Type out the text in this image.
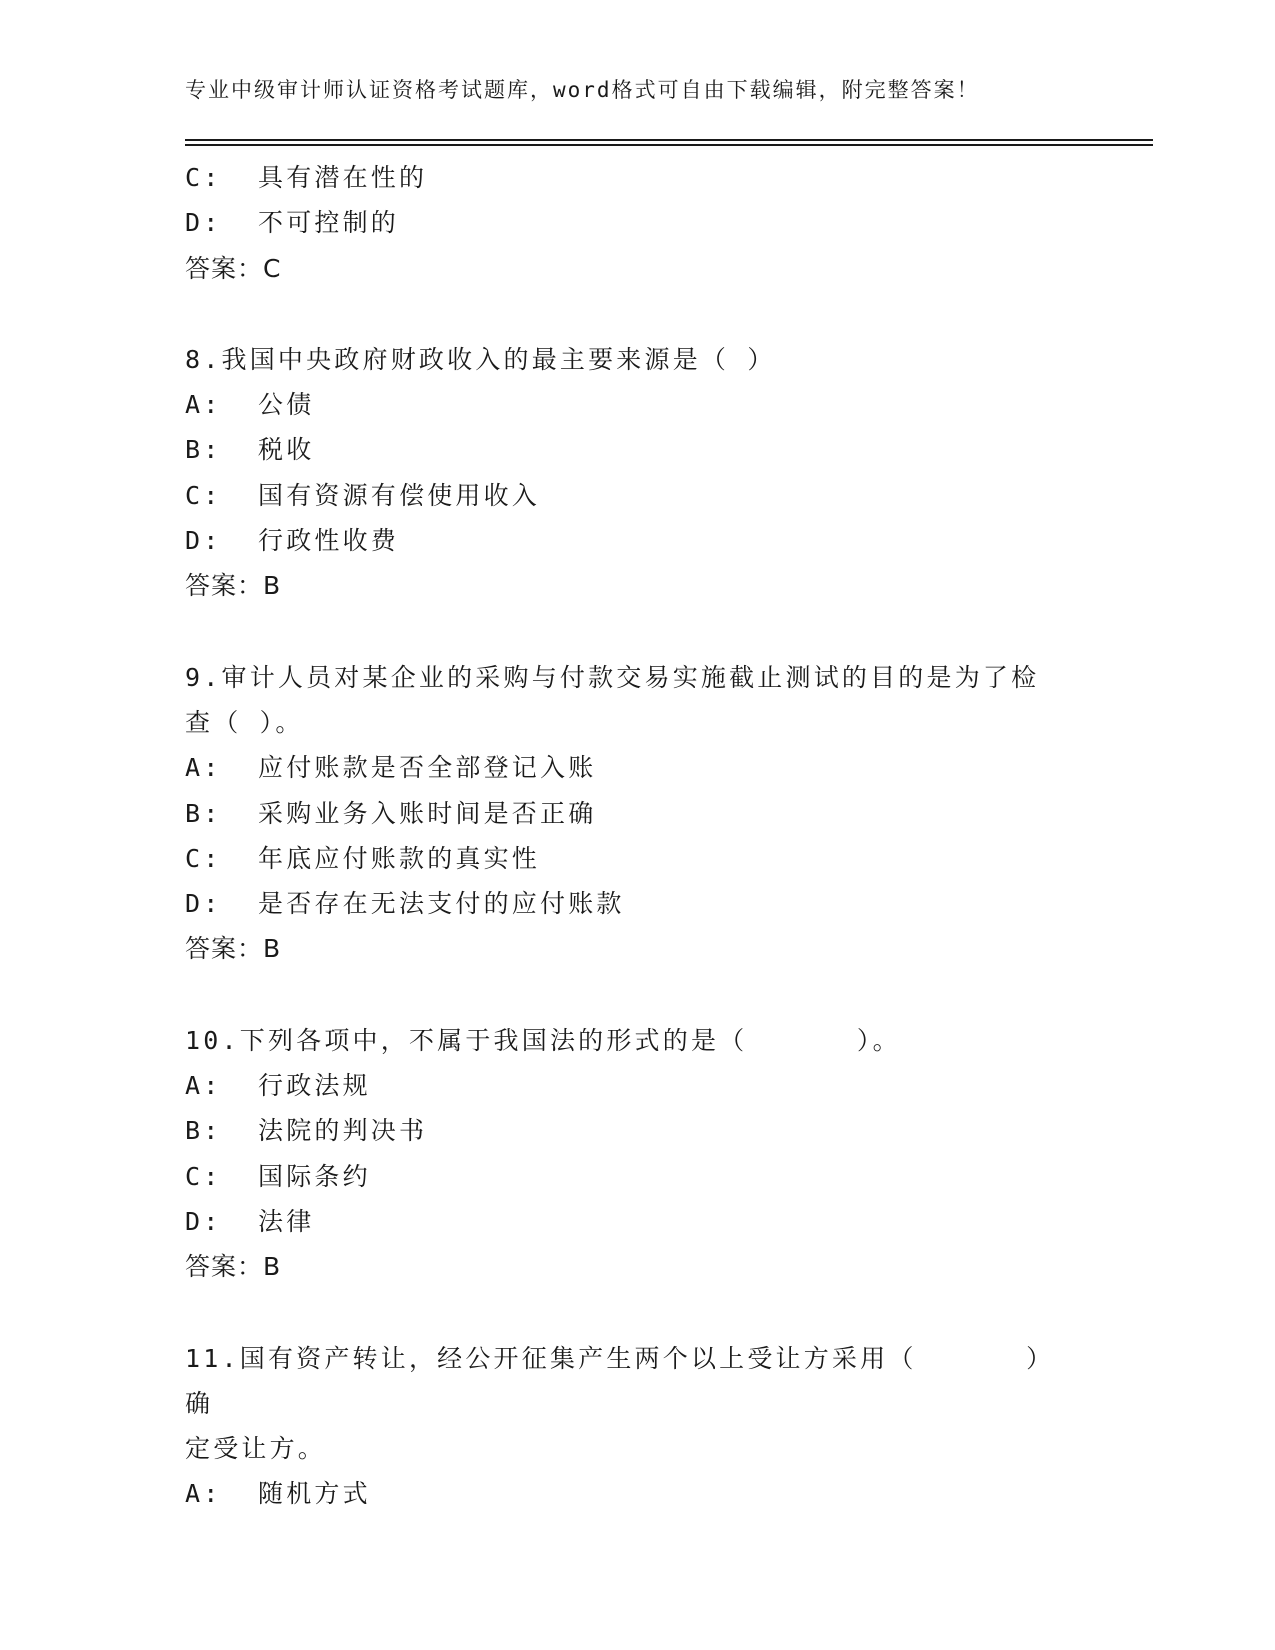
专业中级审计师认证资格考试题库，word格式可自由下载编辑，附完整答案！
C:  具有潜在性的
D:  不可控制的
答案：C
8.我国中央政府财政收入的最主要来源是（ ）
A:  公债
B:  税收
C:  国有资源有偿使用收入
D:  行政性收费
答案：B
9.审计人员对某企业的采购与付款交易实施截止测试的目的是为了检
查（ ）。
A:  应付账款是否全部登记入账
B:  采购业务入账时间是否正确
C:  年底应付账款的真实性
D:  是否存在无法支付的应付账款
答案：B
10.下列各项中，不属于我国法的形式的是（      ）。
A:  行政法规
B:  法院的判决书
C:  国际条约
D:  法律
答案：B
11.国有资产转让，经公开征集产生两个以上受让方采用（      ）确
定受让方。
A:  随机方式
